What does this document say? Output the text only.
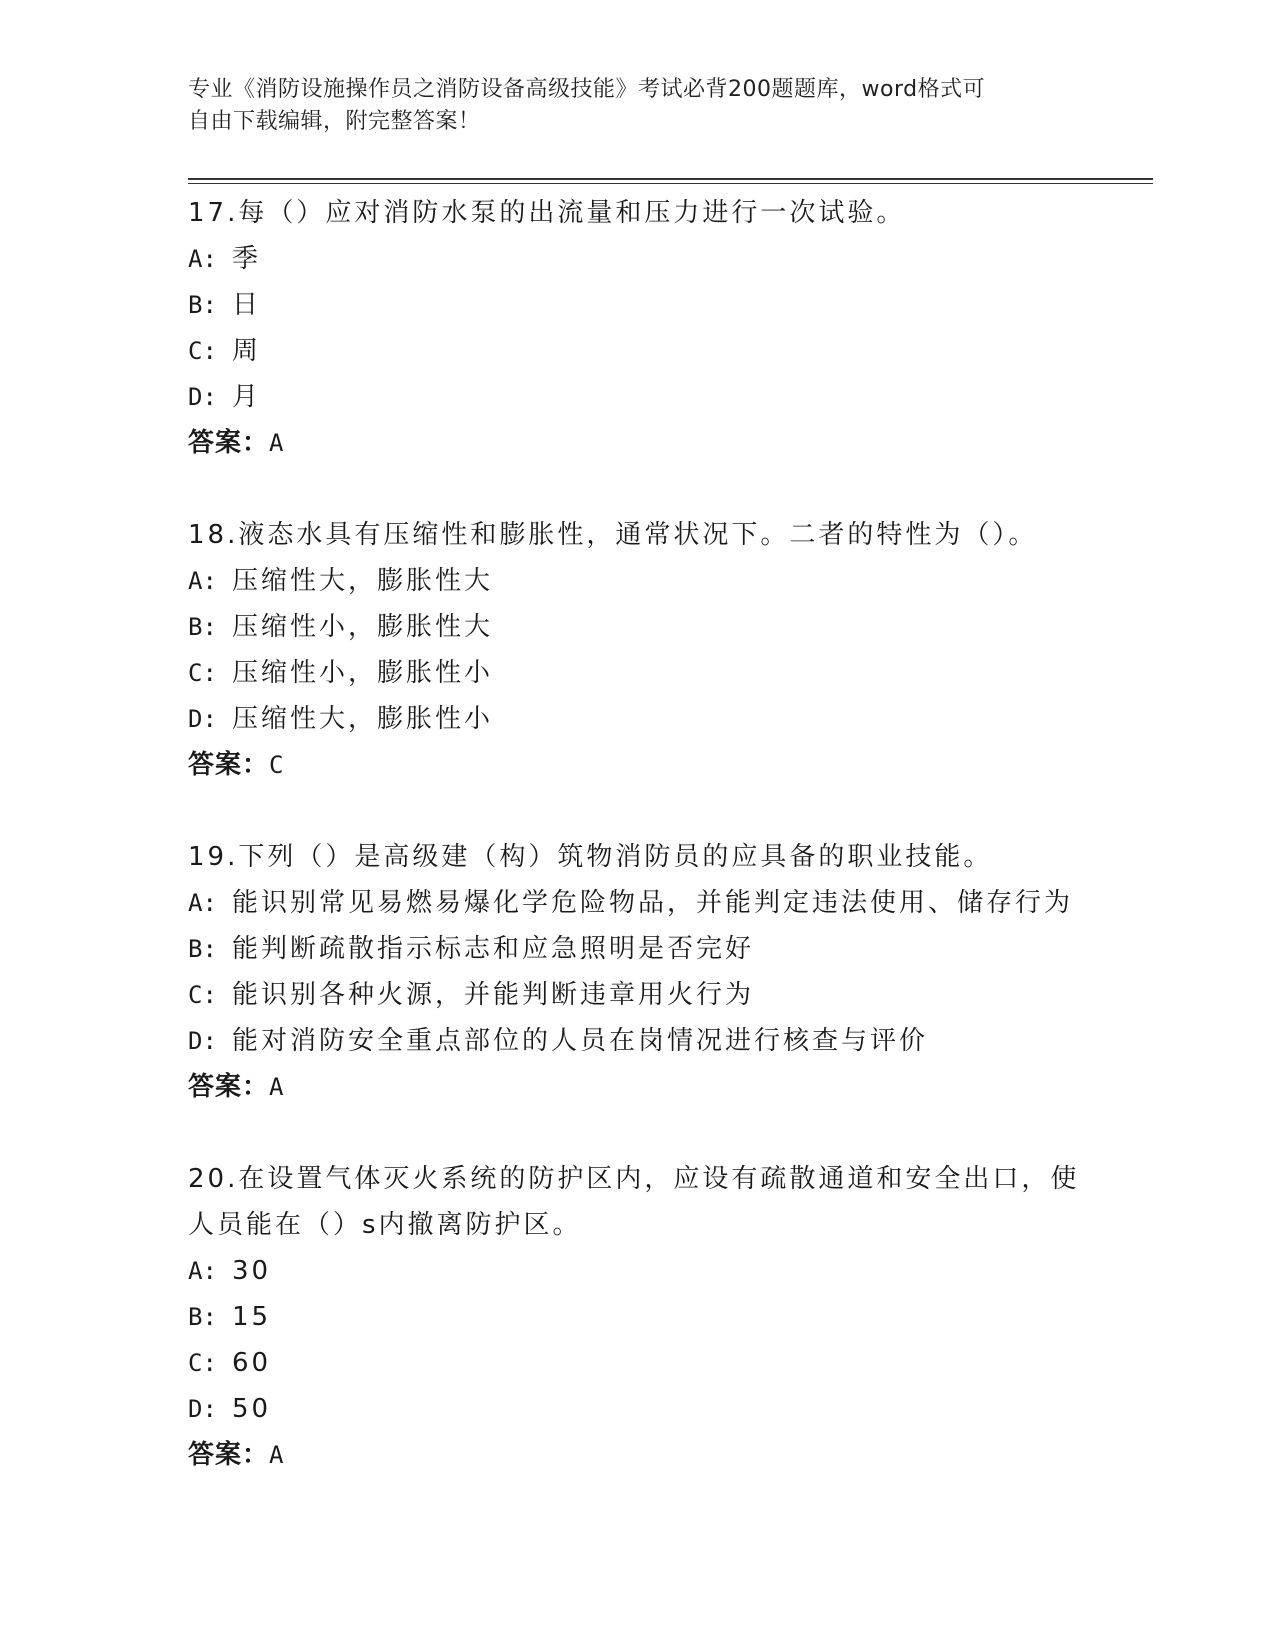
专业《消防设施操作员之消防设备高级技能》考试必背200题题库，word格式可
自由下载编辑，附完整答案！
17.每（）应对消防水泵的出流量和压力进行一次试验。
A: 季
B: 日
C: 周
D: 月
答案：A
18.液态水具有压缩性和膨胀性，通常状况下。二者的特性为（）。
A: 压缩性大，膨胀性大
B: 压缩性小，膨胀性大
C: 压缩性小，膨胀性小
D: 压缩性大，膨胀性小
答案：C
19.下列（）是高级建（构）筑物消防员的应具备的职业技能。
A: 能识别常见易燃易爆化学危险物品，并能判定违法使用、储存行为
B: 能判断疏散指示标志和应急照明是否完好
C: 能识别各种火源，并能判断违章用火行为
D: 能对消防安全重点部位的人员在岗情况进行核查与评价
答案：A
20.在设置气体灭火系统的防护区内，应设有疏散通道和安全出口，使人员能在（）s内撤离防护区。
A: 30
B: 15
C: 60
D: 50
答案：A
